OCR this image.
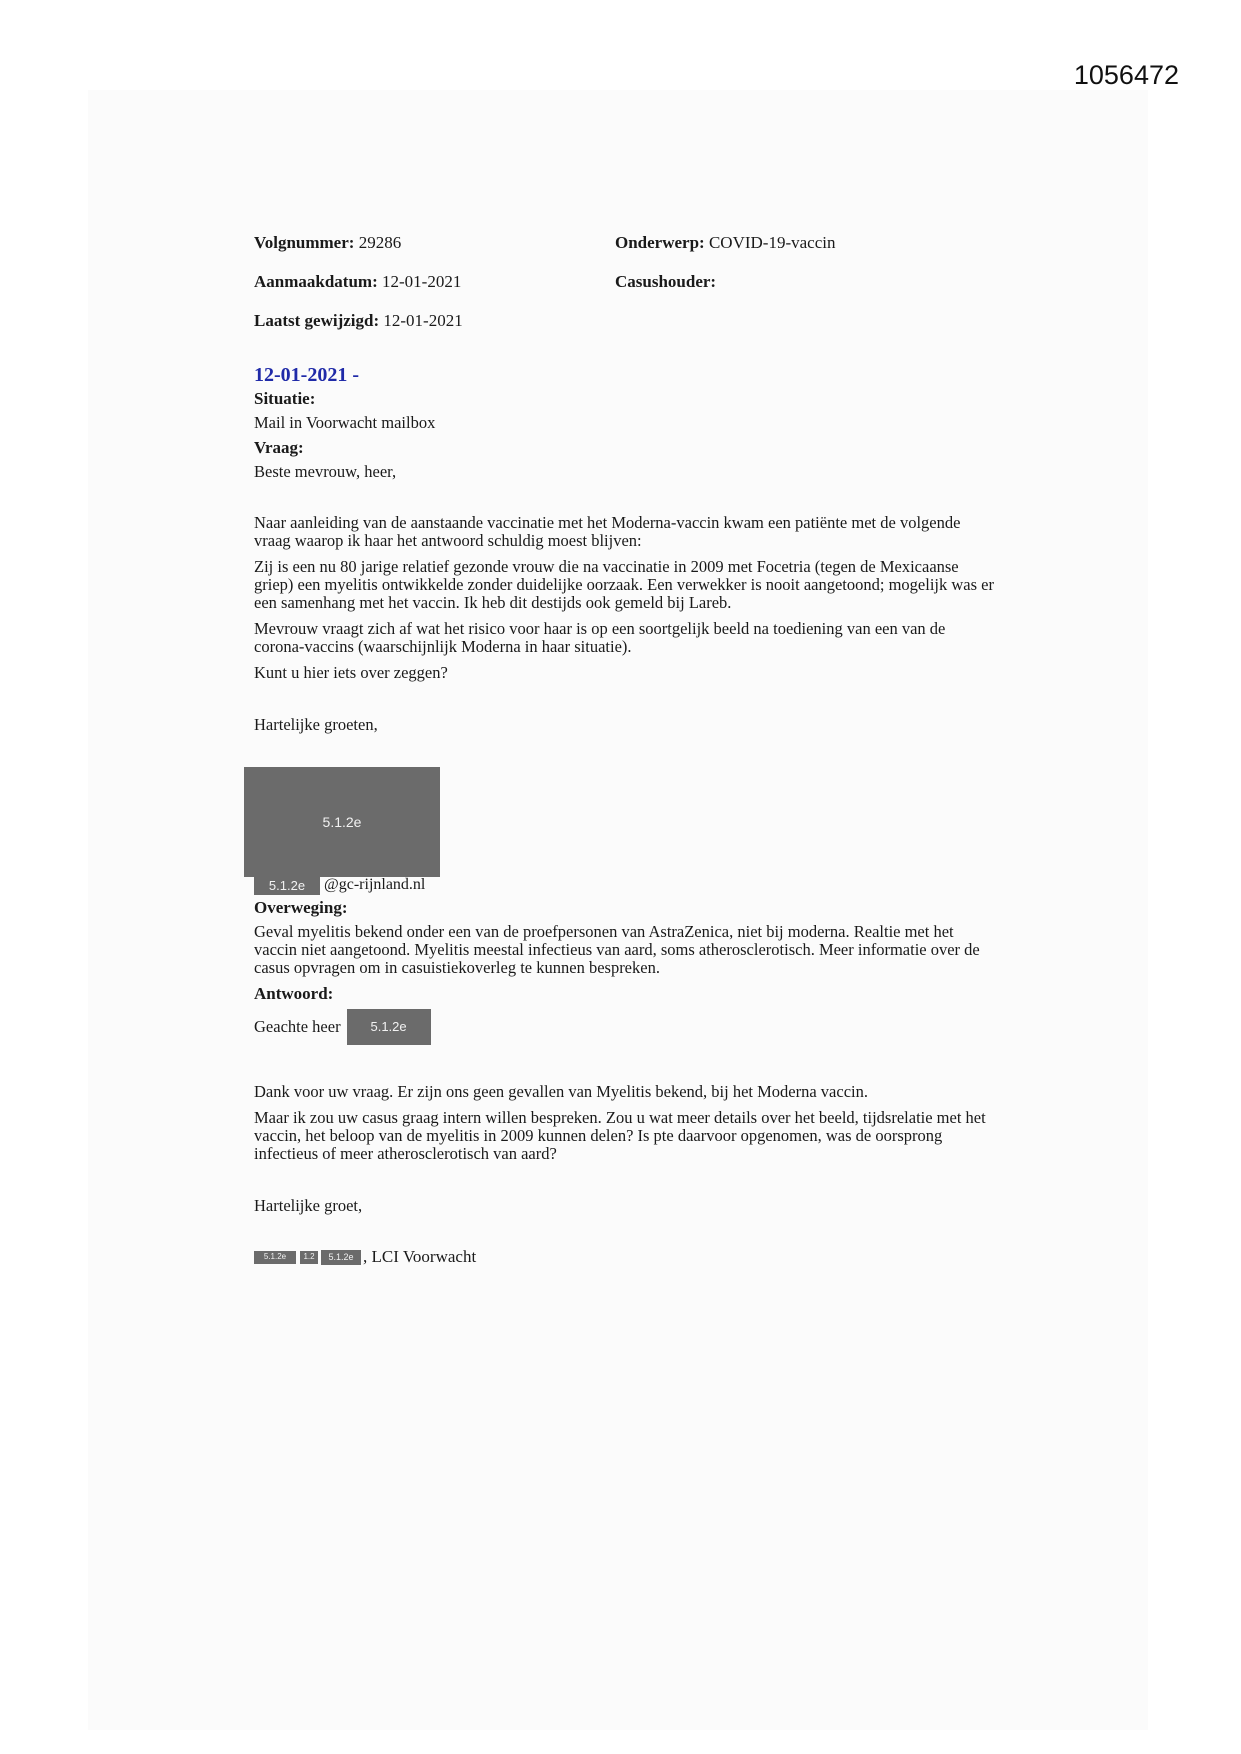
1056472
Volgnummer: 29286	Onderwerp: COVID-19-vaccin
Aanmaakdatum: 12-01-2021	Casushouder:
Laatst gewijzigd: 12-01-2021
12-01-2021 -
Situatie:
Mail in Voorwacht mailbox
Vraag:
Beste mevrouw, heer,

Naar aanleiding van de aanstaande vaccinatie met het Moderna-vaccin kwam een patiënte met de volgende vraag waarop ik haar het antwoord schuldig moest blijven:

Zij is een nu 80 jarige relatief gezonde vrouw die na vaccinatie in 2009 met Focetria (tegen de Mexicaanse griep) een myelitis ontwikkelde zonder duidelijke oorzaak. Een verwekker is nooit aangetoond; mogelijk was er een samenhang met het vaccin. Ik heb dit destijds ook gemeld bij Lareb.

Mevrouw vraagt zich af wat het risico voor haar is op een soortgelijk beeld na toediening van een van de corona-vaccins (waarschijnlijk Moderna in haar situatie).

Kunt u hier iets over zeggen?

Hartelijke groeten,
5.1.2e
5.1.2e	@gc-rijnland.nl
Overweging:

Geval myelitis bekend onder een van de proefpersonen van AstraZenica, niet bij moderna. Realtie met het vaccin niet aangetoond. Myelitis meestal infectieus van aard, soms atherosclerotisch. Meer informatie over de casus opvragen om in casuistiekoverleg te kunnen bespreken.

Antwoord:
Geachte heer	5.1.2e

Dank voor uw vraag. Er zijn ons geen gevallen van Myelitis bekend, bij het Moderna vaccin.

Maar ik zou uw casus graag intern willen bespreken. Zou u wat meer details over het beeld, tijdsrelatie met het vaccin, het beloop van de myelitis in 2009 kunnen delen? Is pte daarvoor opgenomen, was de oorsprong infectieus of meer atherosclerotisch van aard?

Hartelijke groet,
5.1.2e	1.2	5.1.2e , LCI Voorwacht
